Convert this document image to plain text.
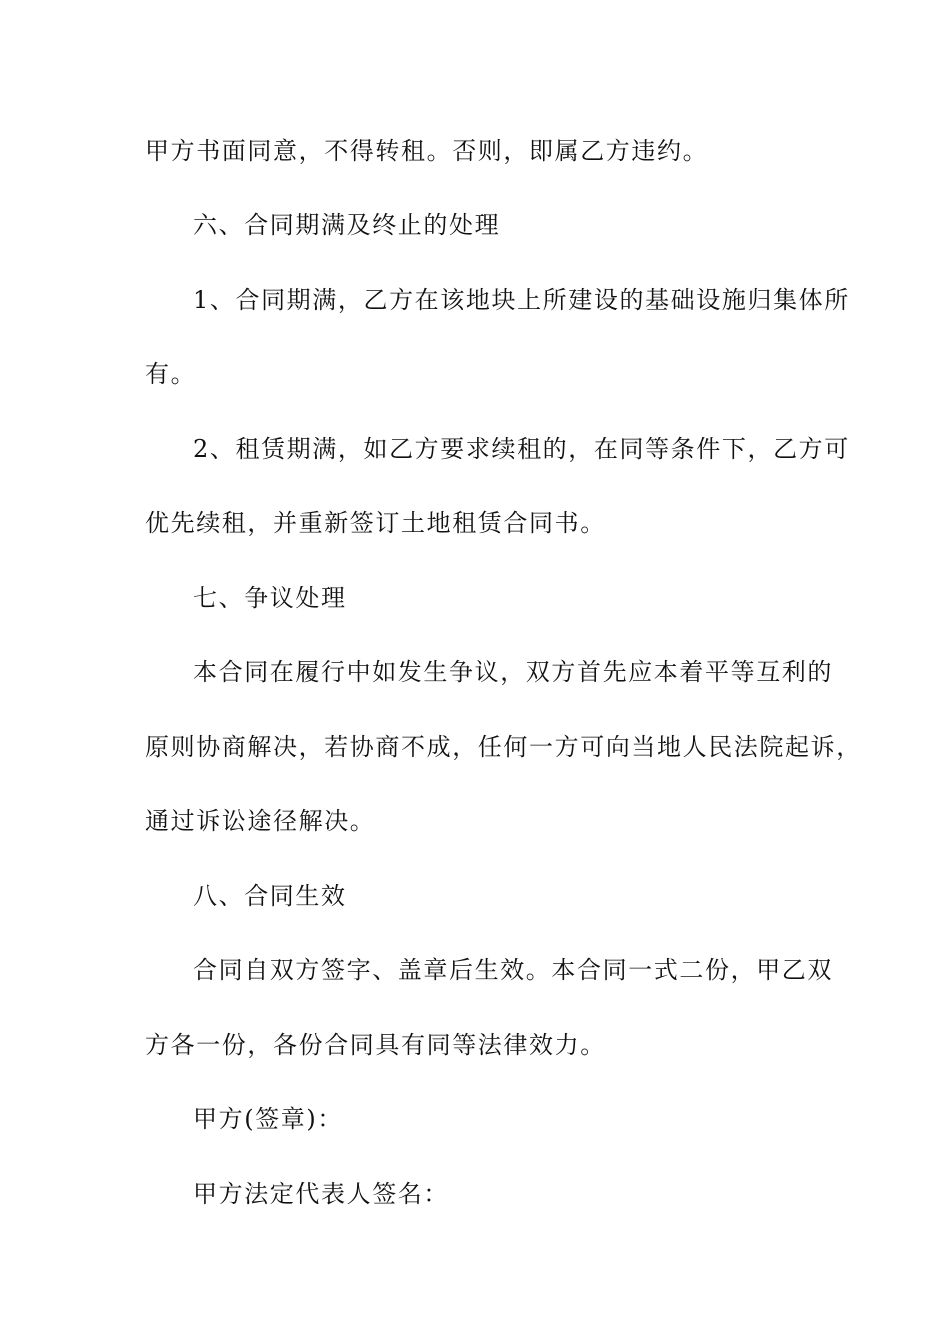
甲方书面同意，不得转租。否则，即属乙方违约。

六、合同期满及终止的处理

1、合同期满，乙方在该地块上所建设的基础设施归集体所

有。

2、租赁期满，如乙方要求续租的，在同等条件下，乙方可

优先续租，并重新签订土地租赁合同书。

七、争议处理

本合同在履行中如发生争议，双方首先应本着平等互利的

原则协商解决，若协商不成，任何一方可向当地人民法院起诉，

通过诉讼途径解决。

八、合同生效

合同自双方签字、盖章后生效。本合同一式二份，甲乙双

方各一份，各份合同具有同等法律效力。

甲方(签章)：

甲方法定代表人签名：
